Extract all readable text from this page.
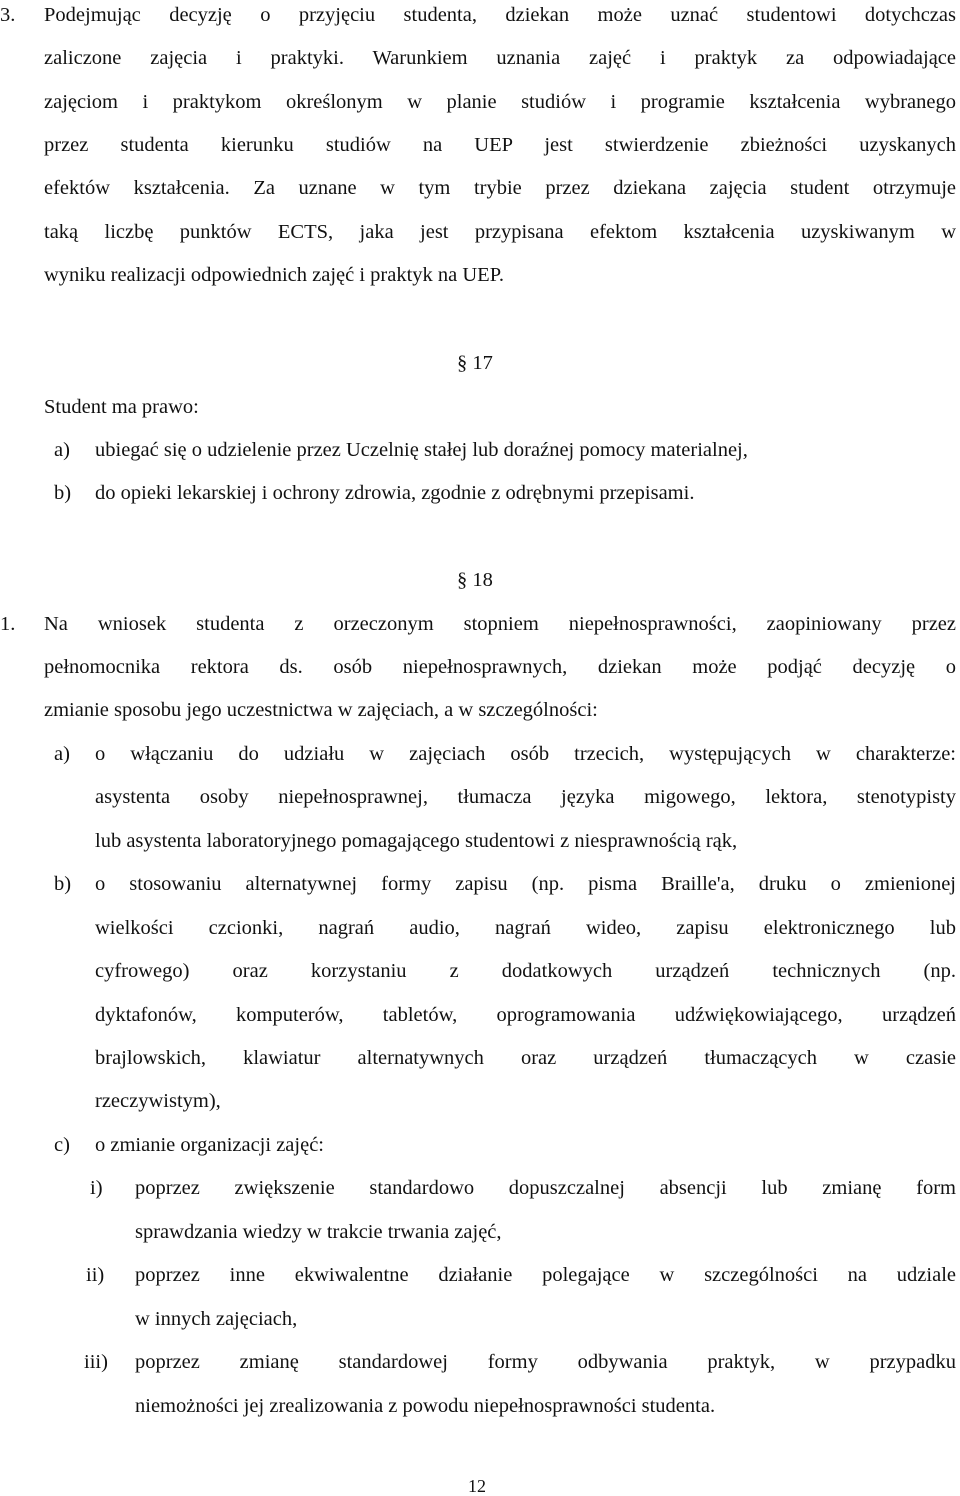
3. Podejmując decyzję o przyjęciu studenta, dziekan może uznać studentowi dotychczas
zaliczone zajęcia i praktyki. Warunkiem uznania zajęć i praktyk za odpowiadające
zajęciom i praktykom określonym w planie studiów i programie kształcenia wybranego
przez studenta kierunku studiów na UEP jest stwierdzenie zbieżności uzyskanych
efektów kształcenia. Za uznane w tym trybie przez dziekana zajęcia student otrzymuje
taką liczbę punktów ECTS, jaka jest przypisana efektom kształcenia uzyskiwanym w
wyniku realizacji odpowiednich zajęć i praktyk na UEP.
§ 17
Student ma prawo:
a) ubiegać się o udzielenie przez Uczelnię stałej lub doraźnej pomocy materialnej,
b) do opieki lekarskiej i ochrony zdrowia, zgodnie z odrębnymi przepisami.
§ 18
1. Na wniosek studenta z orzeczonym stopniem niepełnosprawności, zaopiniowany przez
pełnomocnika rektora ds. osób niepełnosprawnych, dziekan może podjąć decyzję o
zmianie sposobu jego uczestnictwa w zajęciach, a w szczególności:
a) o włączaniu do udziału w zajęciach osób trzecich, występujących w charakterze:
asystenta osoby niepełnosprawnej, tłumacza języka migowego, lektora, stenotypisty
lub asystenta laboratoryjnego pomagającego studentowi z niesprawnością rąk,
b) o stosowaniu alternatywnej formy zapisu (np. pisma Braille'a, druku o zmienionej
wielkości czcionki, nagrań audio, nagrań wideo, zapisu elektronicznego lub
cyfrowego) oraz korzystaniu z dodatkowych urządzeń technicznych (np.
dyktafonów, komputerów, tabletów, oprogramowania udźwiękowiającego, urządzeń
brajlowskich, klawiatur alternatywnych oraz urządzeń tłumaczących w czasie
rzeczywistym),
c) o zmianie organizacji zajęć:
i) poprzez zwiększenie standardowo dopuszczalnej absencji lub zmianę form
sprawdzania wiedzy w trakcie trwania zajęć,
ii) poprzez inne ekwiwalentne działanie polegające w szczególności na udziale
w innych zajęciach,
iii) poprzez zmianę standardowej formy odbywania praktyk, w przypadku
niemożności jej zrealizowania z powodu niepełnosprawności studenta.
12
